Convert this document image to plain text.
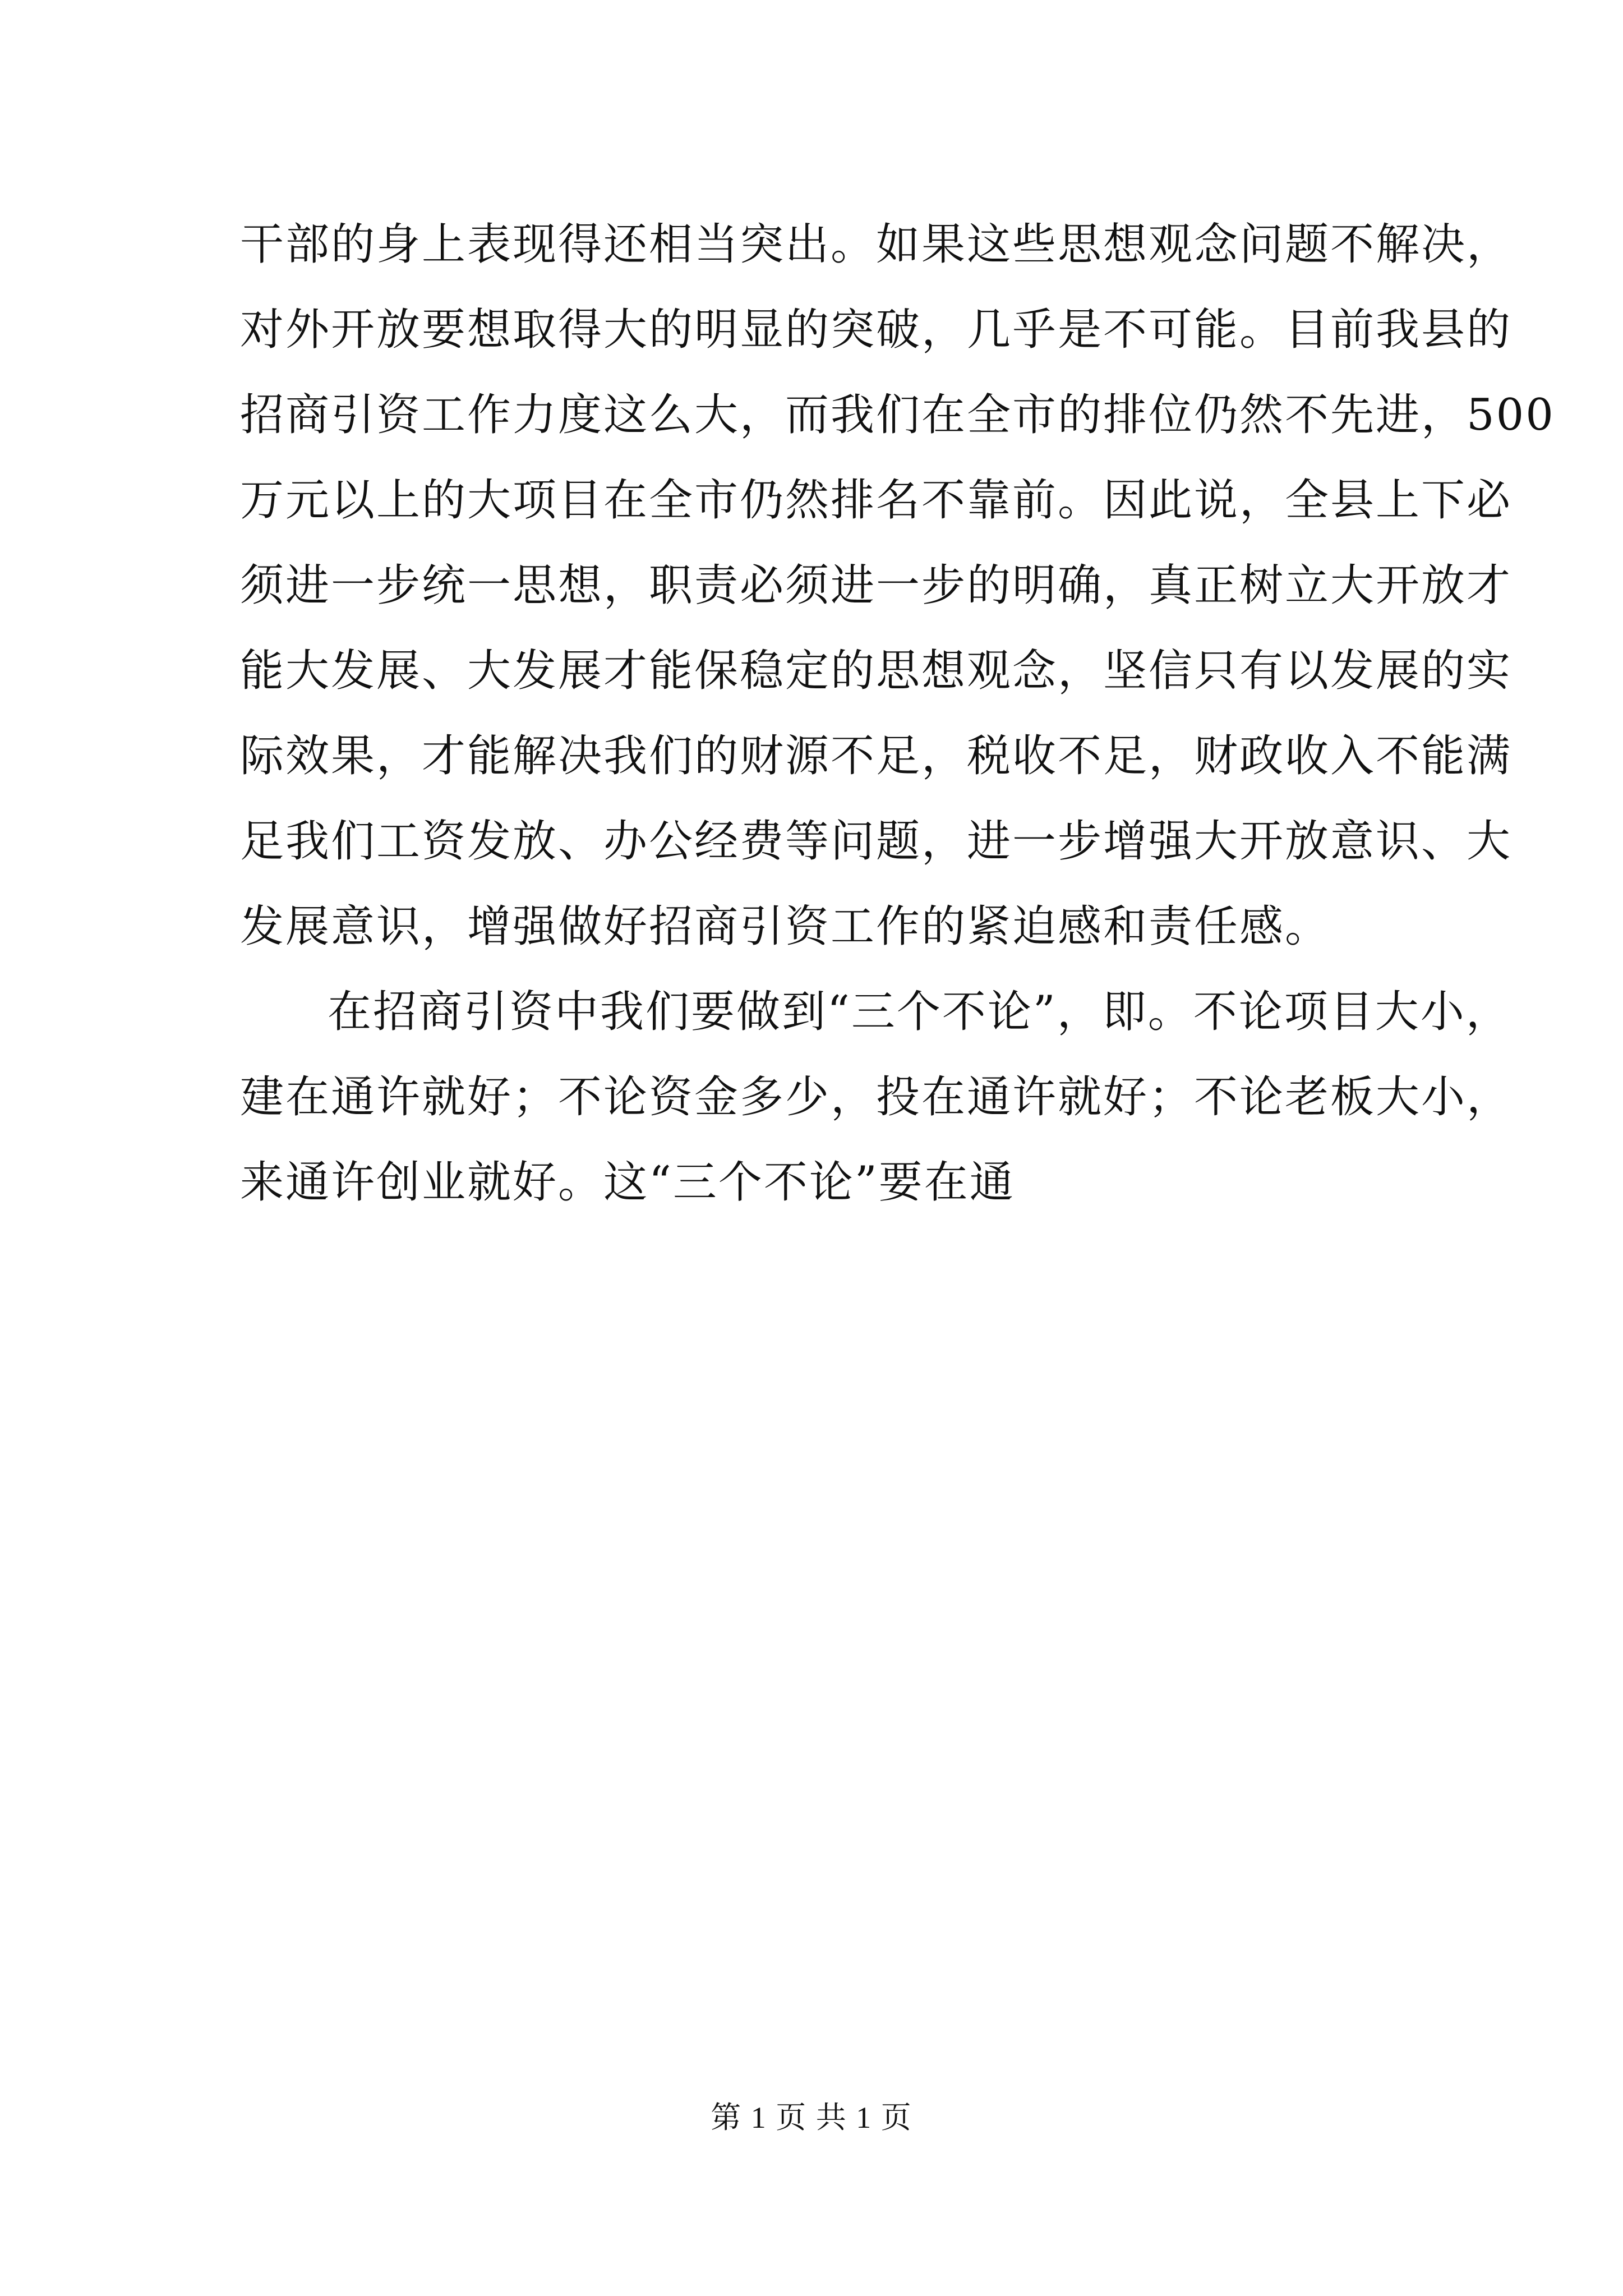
干部的身上表现得还相当突出。如果这些思想观念问题不解决，
对外开放要想取得大的明显的突破，几乎是不可能。目前我县的
招商引资工作力度这么大，而我们在全市的排位仍然不先进，500
万元以上的大项目在全市仍然排名不靠前。因此说，全县上下必
须进一步统一思想，职责必须进一步的明确，真正树立大开放才
能大发展、大发展才能保稳定的思想观念，坚信只有以发展的实
际效果，才能解决我们的财源不足，税收不足，财政收入不能满
足我们工资发放、办公经费等问题，进一步增强大开放意识、大
发展意识，增强做好招商引资工作的紧迫感和责任感。
在招商引资中我们要做到“三个不论”，即。不论项目大小，
建在通许就好；不论资金多少，投在通许就好；不论老板大小，
来通许创业就好。这“三个不论”要在通
第 1 页 共 1 页
